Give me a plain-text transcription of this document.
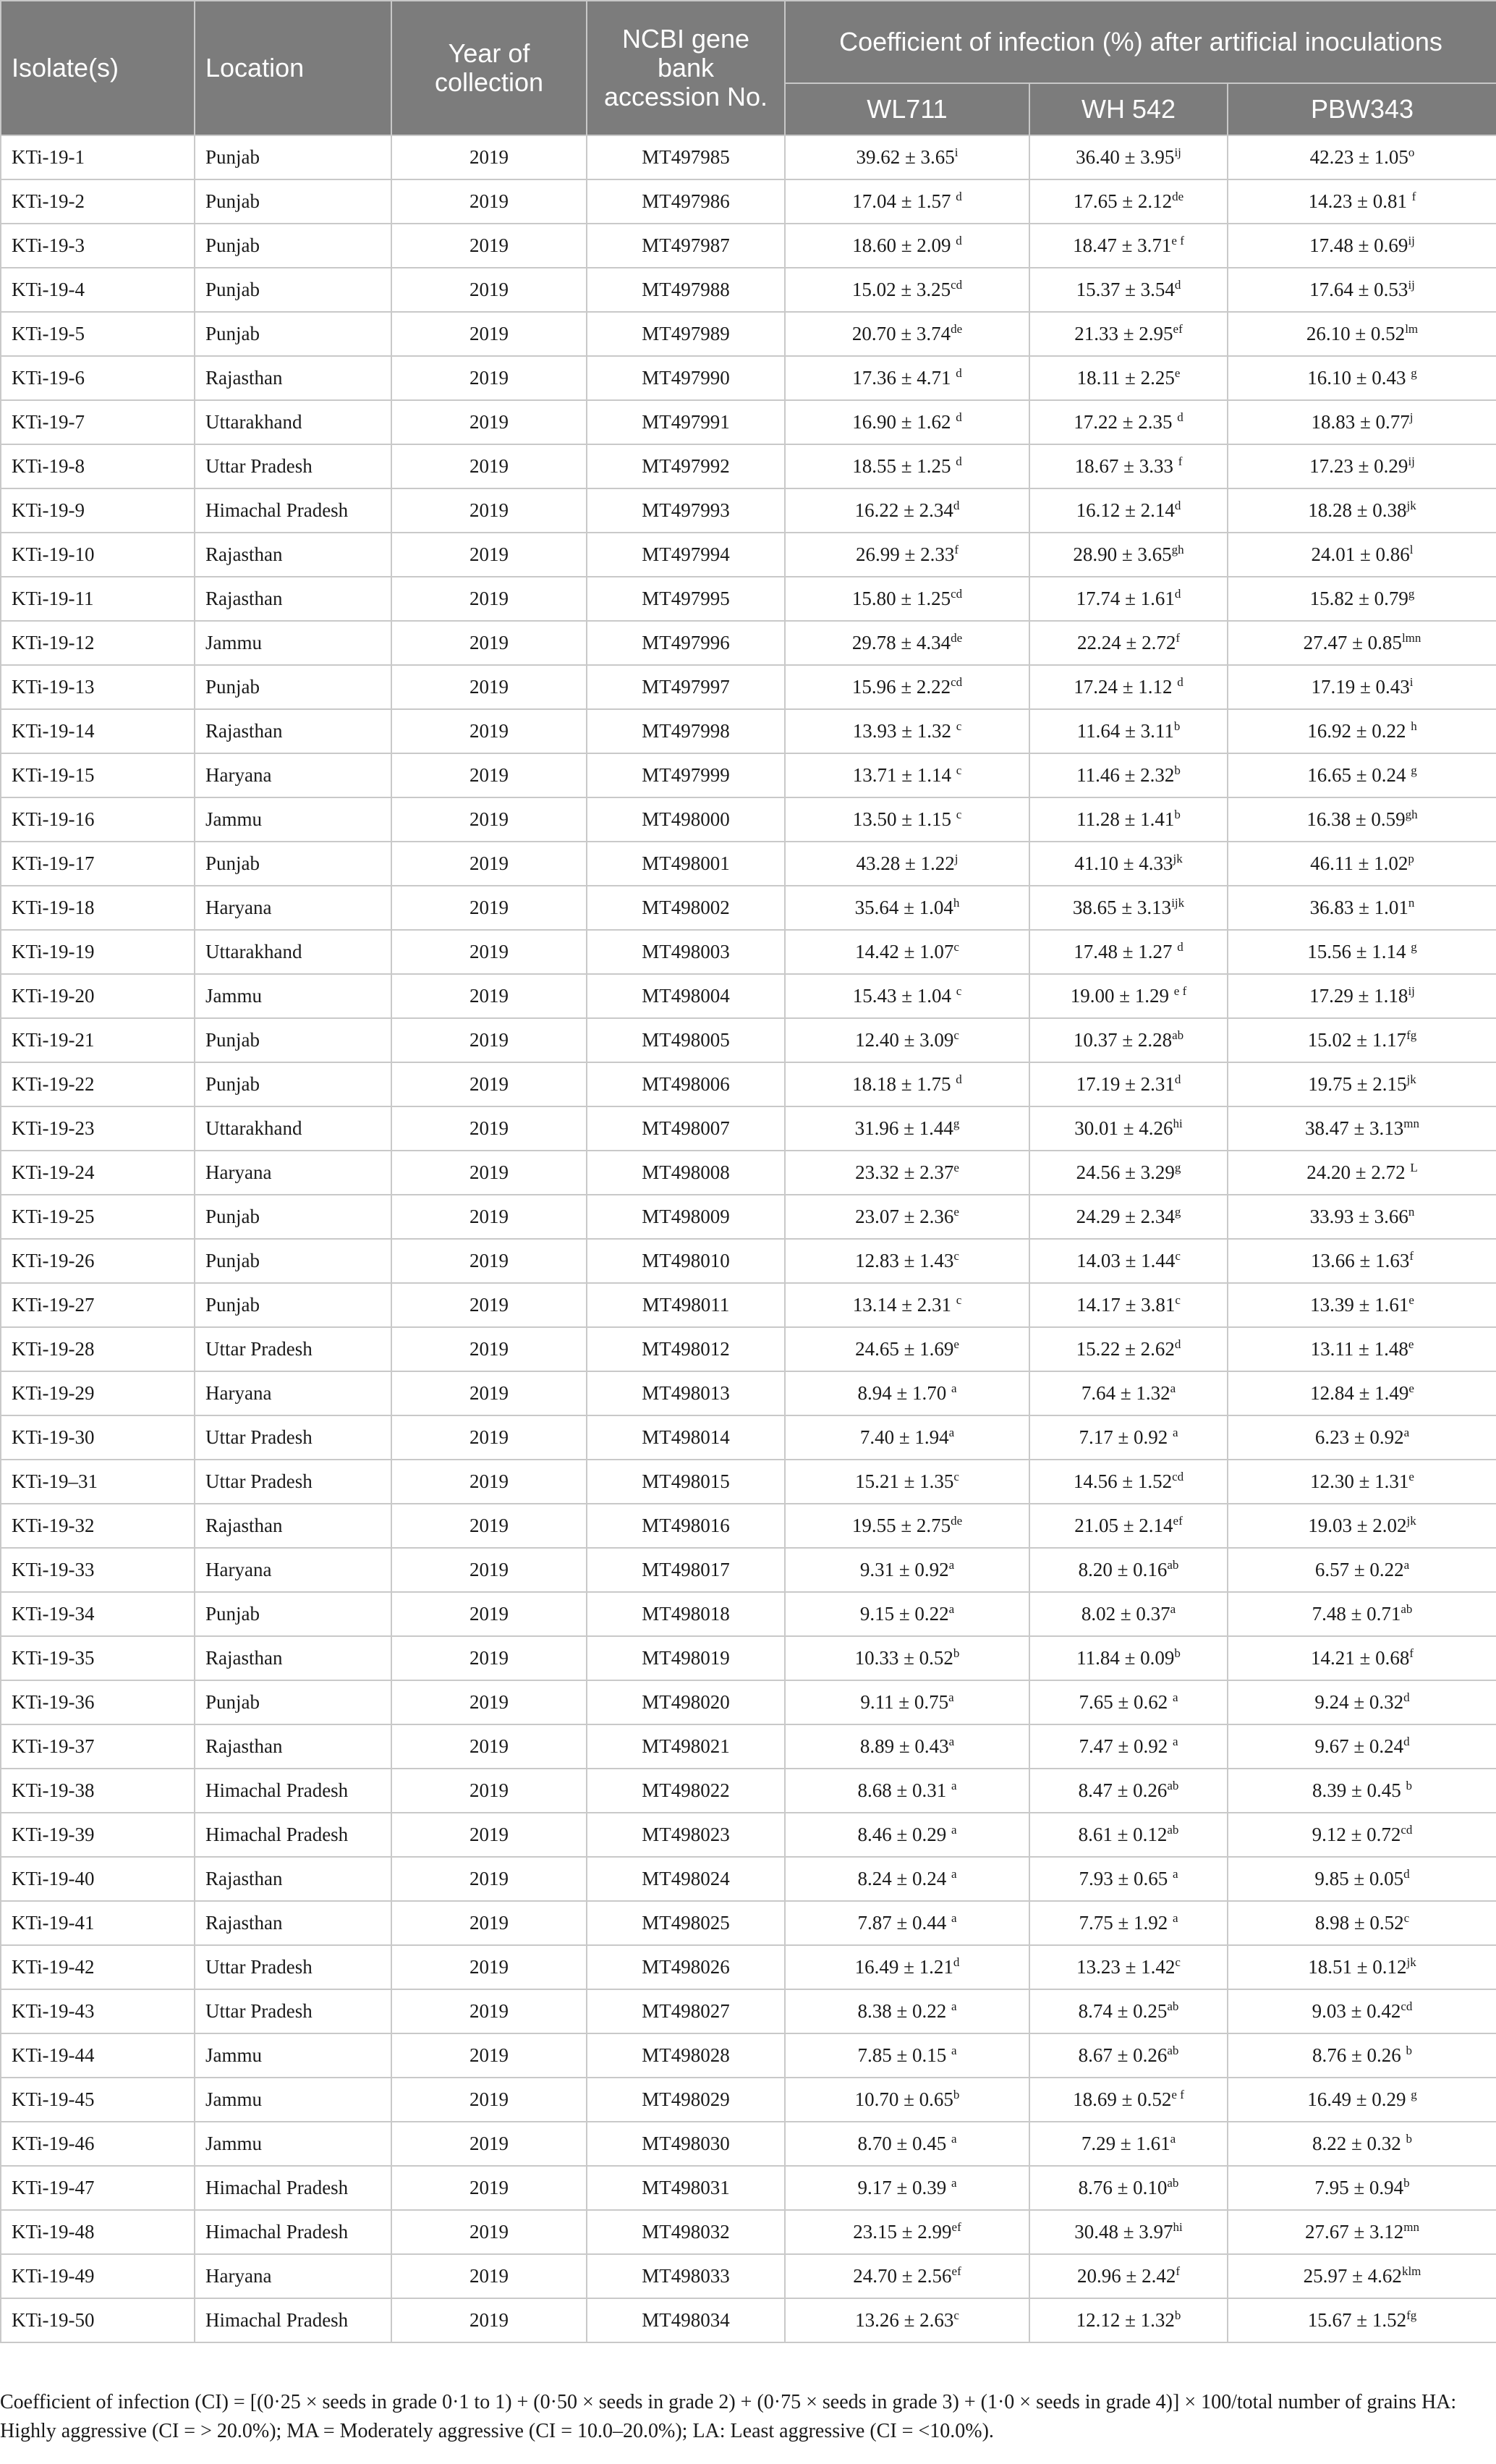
Isolate(s)	Location	Year of collection	NCBI gene bank accession No.	Coefficient of infection (%) after artificial inoculations		
				WL711	WH 542	PBW343
KTi-19-1	Punjab	2019	MT497985	$39.62 \pm 3.65^i$	$36.40 \pm 3.95^{ij}$	$42.23 \pm 1.05^o$
KTi-19-2	Punjab	2019	MT497986	17.04 ± 1.57 $^d$	17.65 ± 2.12de	14.23 ± 0.81 $^f$
KTi-19-3	Punjab	2019	MT497987	18.60 ± 2.09 $^d$	$18.47 \pm 3.71^{e f}$	$17.48 \pm 0.69^{ij}$
KTi-19-4	Punjab	2019	MT497988	15.02 ± 3.25$^{cd}$	15.37 ± 3.54$^d$	$17.64 \pm 0.53^{ij}$
KTi-19-5	Punjab	2019	MT497989	20.70 ± 3.74de	21.33 ± 2.95$^{ef}$	$26.10 \pm 0.52^{lm}$
KTi-19-6	Rajasthan	2019	MT497990	17.36 ± 4.71 $^d$	18.11 ± 2.25$^e$	16.10 ± 0.43 $^g$
KTi-19-7	Uttarakhand	2019	MT497991	16.90 ± 1.62 $^d$	17.22 ± 2.35 $^d$	$18.83 \pm 0.77^j$
KTi-19-8	Uttar Pradesh	2019	MT497992	18.55 ± 1.25 $^d$	18.67 ± 3.33 $^f$	$17.23 \pm 0.29^{ij}$
KTi-19-9	Himachal Pradesh	2019	MT497993	16.22 ± 2.34$^d$	16.12 ± 2.14$^d$	$18.28 \pm 0.38^{jk}$
KTi-19-10	Rajasthan	2019	MT497994	26.99 ± 2.33$^f$	28.90 ± 3.65$^{gh}$	$24.01 \pm 0.86^l$
KTi-19-11	Rajasthan	2019	MT497995	15.80 ± 1.25$^{cd}$	17.74 ± 1.61$^d$	15.82 ± 0.79$^g$
KTi-19-12	Jammu	2019	MT497996	29.78 ± 4.34de	22.24 ± 2.72$^f$	$27.47 \pm 0.85^{lmn}$
KTi-19-13	Punjab	2019	MT497997	15.96 ± 2.22$^{cd}$	17.24 ± 1.12 $^d$	$17.19 \pm 0.43^i$
KTi-19-14	Rajasthan	2019	MT497998	13.93 ± 1.32 $^c$	11.64 ± 3.11$^b$	16.92 ± 0.22 $^h$
KTi-19-15	Haryana	2019	MT497999	13.71 ± 1.14 $^c$	11.46 ± 2.32$^b$	16.65 ± 0.24 $^g$
KTi-19-16	Jammu	2019	MT498000	13.50 ± 1.15 $^c$	11.28 ± 1.41$^b$	16.38 ± 0.59$^{gh}$
KTi-19-17	Punjab	2019	MT498001	$43.28 \pm 1.22^j$	$41.10 \pm 4.33^{jk}$	$46.11 \pm 1.02^p$
KTi-19-18	Haryana	2019	MT498002	35.64 ± 1.04$^h$	$38.65 \pm 3.13^{ijk}$	$36.83 \pm 1.01^n$
KTi-19-19	Uttarakhand	2019	MT498003	14.42 ± 1.07$^c$	17.48 ± 1.27 $^d$	15.56 ± 1.14 $^g$
KTi-19-20	Jammu	2019	MT498004	15.43 ± 1.04 $^c$	19.00 ± 1.29 $^{e f}$	$17.29 \pm 1.18^{ij}$
KTi-19-21	Punjab	2019	MT498005	12.40 ± 3.09$^c$	10.37 ± 2.28$^{ab}$	15.02 ± 1.17$^{fg}$
KTi-19-22	Punjab	2019	MT498006	18.18 ± 1.75 $^d$	17.19 ± 2.31$^d$	$19.75 \pm 2.15^{jk}$
KTi-19-23	Uttarakhand	2019	MT498007	31.96 ± 1.44$^g$	$30.01 \pm 4.26^{hi}$	$38.47 \pm 3.13^{mn}$
KTi-19-24	Haryana	2019	MT498008	23.32 ± 2.37$^e$	24.56 ± 3.29$^g$	24.20 ± 2.72 $^L$
KTi-19-25	Punjab	2019	MT498009	23.07 ± 2.36$^e$	24.29 ± 2.34$^g$	$33.93 \pm 3.66^n$
KTi-19-26	Punjab	2019	MT498010	12.83 ± 1.43$^c$	14.03 ± 1.44$^c$	13.66 ± 1.63$^f$
KTi-19-27	Punjab	2019	MT498011	13.14 ± 2.31 $^c$	14.17 ± 3.81$^c$	13.39 ± 1.61$^e$
KTi-19-28	Uttar Pradesh	2019	MT498012	24.65 ± 1.69$^e$	15.22 ± 2.62$^d$	13.11 ± 1.48$^e$
KTi-19-29	Haryana	2019	MT498013	8.94 ± 1.70 $^a$	7.64 ± 1.32$^a$	12.84 ± 1.49$^e$
KTi-19-30	Uttar Pradesh	2019	MT498014	7.40 ± 1.94$^a$	7.17 ± 0.92 $^a$	6.23 ± 0.92$^a$
KTi-19–31	Uttar Pradesh	2019	MT498015	15.21 ± 1.35$^c$	14.56 ± 1.52$^{cd}$	12.30 ± 1.31$^e$
KTi-19-32	Rajasthan	2019	MT498016	19.55 ± 2.75de	21.05 ± 2.14$^{ef}$	$19.03 \pm 2.02^{jk}$
KTi-19-33	Haryana	2019	MT498017	9.31 ± 0.92$^a$	8.20 ± 0.16$^{ab}$	6.57 ± 0.22$^a$
KTi-19-34	Punjab	2019	MT498018	9.15 ± 0.22$^a$	8.02 ± 0.37$^a$	7.48 ± 0.71$^{ab}$
KTi-19-35	Rajasthan	2019	MT498019	10.33 ± 0.52$^b$	11.84 ± 0.09$^b$	14.21 ± 0.68$^f$
KTi-19-36	Punjab	2019	MT498020	9.11 ± 0.75$^a$	7.65 ± 0.62 $^a$	9.24 ± 0.32$^d$
KTi-19-37	Rajasthan	2019	MT498021	8.89 ± 0.43$^a$	7.47 ± 0.92 $^a$	9.67 ± 0.24$^d$
KTi-19-38	Himachal Pradesh	2019	MT498022	8.68 ± 0.31 $^a$	8.47 ± 0.26$^{ab}$	8.39 ± 0.45 $^b$
KTi-19-39	Himachal Pradesh	2019	MT498023	8.46 ± 0.29 $^a$	8.61 ± 0.12$^{ab}$	9.12 ± 0.72$^{cd}$
KTi-19-40	Rajasthan	2019	MT498024	8.24 ± 0.24 $^a$	7.93 ± 0.65 $^a$	9.85 ± 0.05$^d$
KTi-19-41	Rajasthan	2019	MT498025	7.87 ± 0.44 $^a$	7.75 ± 1.92 $^a$	8.98 ± 0.52$^c$
KTi-19-42	Uttar Pradesh	2019	MT498026	16.49 ± 1.21$^d$	13.23 ± 1.42$^c$	$18.51 \pm 0.12^{jk}$
KTi-19-43	Uttar Pradesh	2019	MT498027	8.38 ± 0.22 $^a$	8.74 ± 0.25$^{ab}$	9.03 ± 0.42$^{cd}$
KTi-19-44	Jammu	2019	MT498028	7.85 ± 0.15 $^a$	8.67 ± 0.26$^{ab}$	8.76 ± 0.26 $^b$
KTi-19-45	Jammu	2019	MT498029	10.70 ± 0.65$^b$	$18.69 \pm 0.52^{e f}$	16.49 ± 0.29 $^g$
KTi-19-46	Jammu	2019	MT498030	8.70 ± 0.45 $^a$	7.29 ± 1.61$^a$	8.22 ± 0.32 $^b$
KTi-19-47	Himachal Pradesh	2019	MT498031	9.17 ± 0.39 $^a$	8.76 ± 0.10$^{ab}$	7.95 ± 0.94$^b$
KTi-19-48	Himachal Pradesh	2019	MT498032	23.15 ± 2.99$^{ef}$	$30.48 \pm 3.97^{hi}$	$27.67 \pm 3.12^{mn}$
KTi-19-49	Haryana	2019	MT498033	24.70 ± 2.56$^{ef}$	20.96 ± 2.42$^f$	$25.97 \pm 4.62^{klm}$
KTi-19-50	Himachal Pradesh	2019	MT498034	13.26 ± 2.63$^c$	12.12 ± 1.32$^b$	15.67 ± 1.52$^{fg}$
Coefficient of infection (CI) = [(0·25 × seeds in grade 0·1 to 1) + (0·50 × seeds in grade 2) + (0·75 × seeds in grade 3) + (1·0 × seeds in grade 4)] × 100/total number of grains HA: Highly aggressive (CI = > 20.0%); MA = Moderately aggressive (CI = 10.0–20.0%); LA: Least aggressive (CI = <10.0%).
